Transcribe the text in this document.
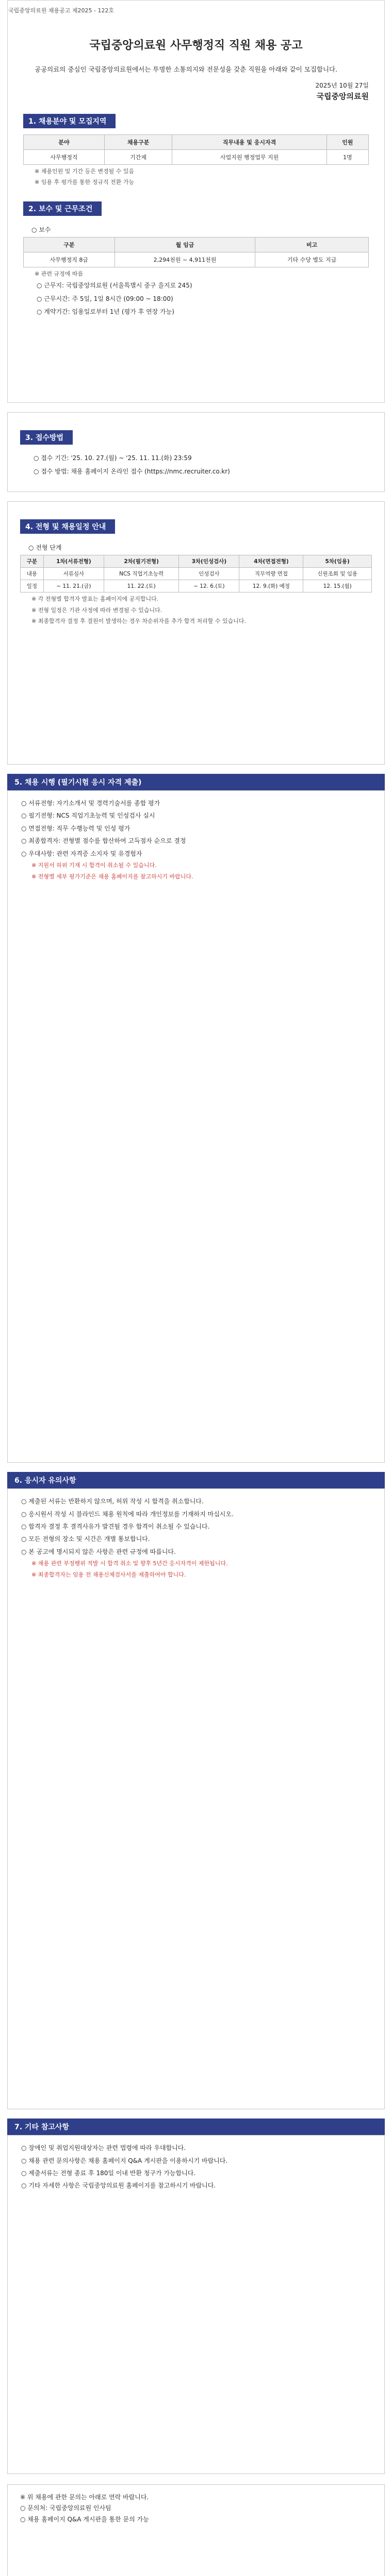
국립중앙의료원 채용공고 제2025 - 122호
국립중앙의료원 사무행정직 직원 채용 공고
공공의료의 중심인 국립중앙의료원에서는 투명한 소통의지와 전문성을 갖춘 직원을 아래와 같이 모집합니다.
2025년 10월 27일
국립중앙의료원
1. 채용분야 및 모집지역
분야	채용구분	직무내용 및 응시자격	인원
사무행정직	기간제	사업지원 행정업무 지원	1명
※ 채용인원 및 기간 등은 변경될 수 있음
※ 임용 후 평가를 통한 정규직 전환 가능
2. 보수 및 근무조건
○ 보수
구분	월 임금	비고
사무행정직 8급	2,294천원 ~ 4,911천원	기타 수당 별도 지급
※ 관련 규정에 따름
○ 근무지: 국립중앙의료원 (서울특별시 중구 을지로 245)
○ 근무시간: 주 5일, 1일 8시간 (09:00 ~ 18:00)
○ 계약기간: 임용일로부터 1년 (평가 후 연장 가능)
3. 접수방법
○ 접수 기간: '25. 10. 27.(월) ~ '25. 11. 11.(화) 23:59
○ 접수 방법: 채용 홈페이지 온라인 접수 (https://nmc.recruiter.co.kr)
4. 전형 및 채용일정 안내
○ 전형 단계
구분	1차(서류전형)	2차(필기전형)	3차(인성검사)	4차(면접전형)	5차(임용)
내용	서류심사	NCS 직업기초능력	인성검사	직무역량 면접	신원조회 및 임용
일정	~ 11. 21.(금)	11. 22.(토)	~ 12. 6.(토)	12. 9.(화) 예정	12. 15.(월)
※ 각 전형별 합격자 발표는 홈페이지에 공지합니다.
※ 전형 일정은 기관 사정에 따라 변경될 수 있습니다.
※ 최종합격자 결정 후 결원이 발생하는 경우 차순위자를 추가 합격 처리할 수 있습니다.
5. 채용 시행 (필기시험 응시 자격 제출)

○ 서류전형: 자기소개서 및 경력기술서를 종합 평가

○ 필기전형: NCS 직업기초능력 및 인성검사 실시

○ 면접전형: 직무 수행능력 및 인성 평가

○ 최종합격자: 전형별 점수를 합산하여 고득점자 순으로 결정

○ 우대사항: 관련 자격증 소지자 및 유경험자

※ 지원서 허위 기재 시 합격이 취소될 수 있습니다.
※ 전형별 세부 평가기준은 채용 홈페이지를 참고하시기 바랍니다.
6. 응시자 유의사항

○ 제출된 서류는 반환하지 않으며, 허위 작성 시 합격을 취소합니다.

○ 응시원서 작성 시 블라인드 채용 원칙에 따라 개인정보를 기재하지 마십시오.

○ 합격자 결정 후 결격사유가 발견될 경우 합격이 취소될 수 있습니다.

○ 모든 전형의 장소 및 시간은 개별 통보합니다.

○ 본 공고에 명시되지 않은 사항은 관련 규정에 따릅니다.

※ 채용 관련 부정행위 적발 시 합격 취소 및 향후 5년간 응시자격이 제한됩니다.
※ 최종합격자는 임용 전 채용신체검사서를 제출하여야 합니다.
7. 기타 참고사항

○ 장애인 및 취업지원대상자는 관련 법령에 따라 우대합니다.

○ 채용 관련 문의사항은 채용 홈페이지 Q&A 게시판을 이용하시기 바랍니다.

○ 제출서류는 전형 종료 후 180일 이내 반환 청구가 가능합니다.

○ 기타 자세한 사항은 국립중앙의료원 홈페이지를 참고하시기 바랍니다.

※ 위 채용에 관한 문의는 아래로 연락 바랍니다.
○ 문의처: 국립중앙의료원 인사팀
○ 채용 홈페이지 Q&A 게시판을 통한 문의 가능
